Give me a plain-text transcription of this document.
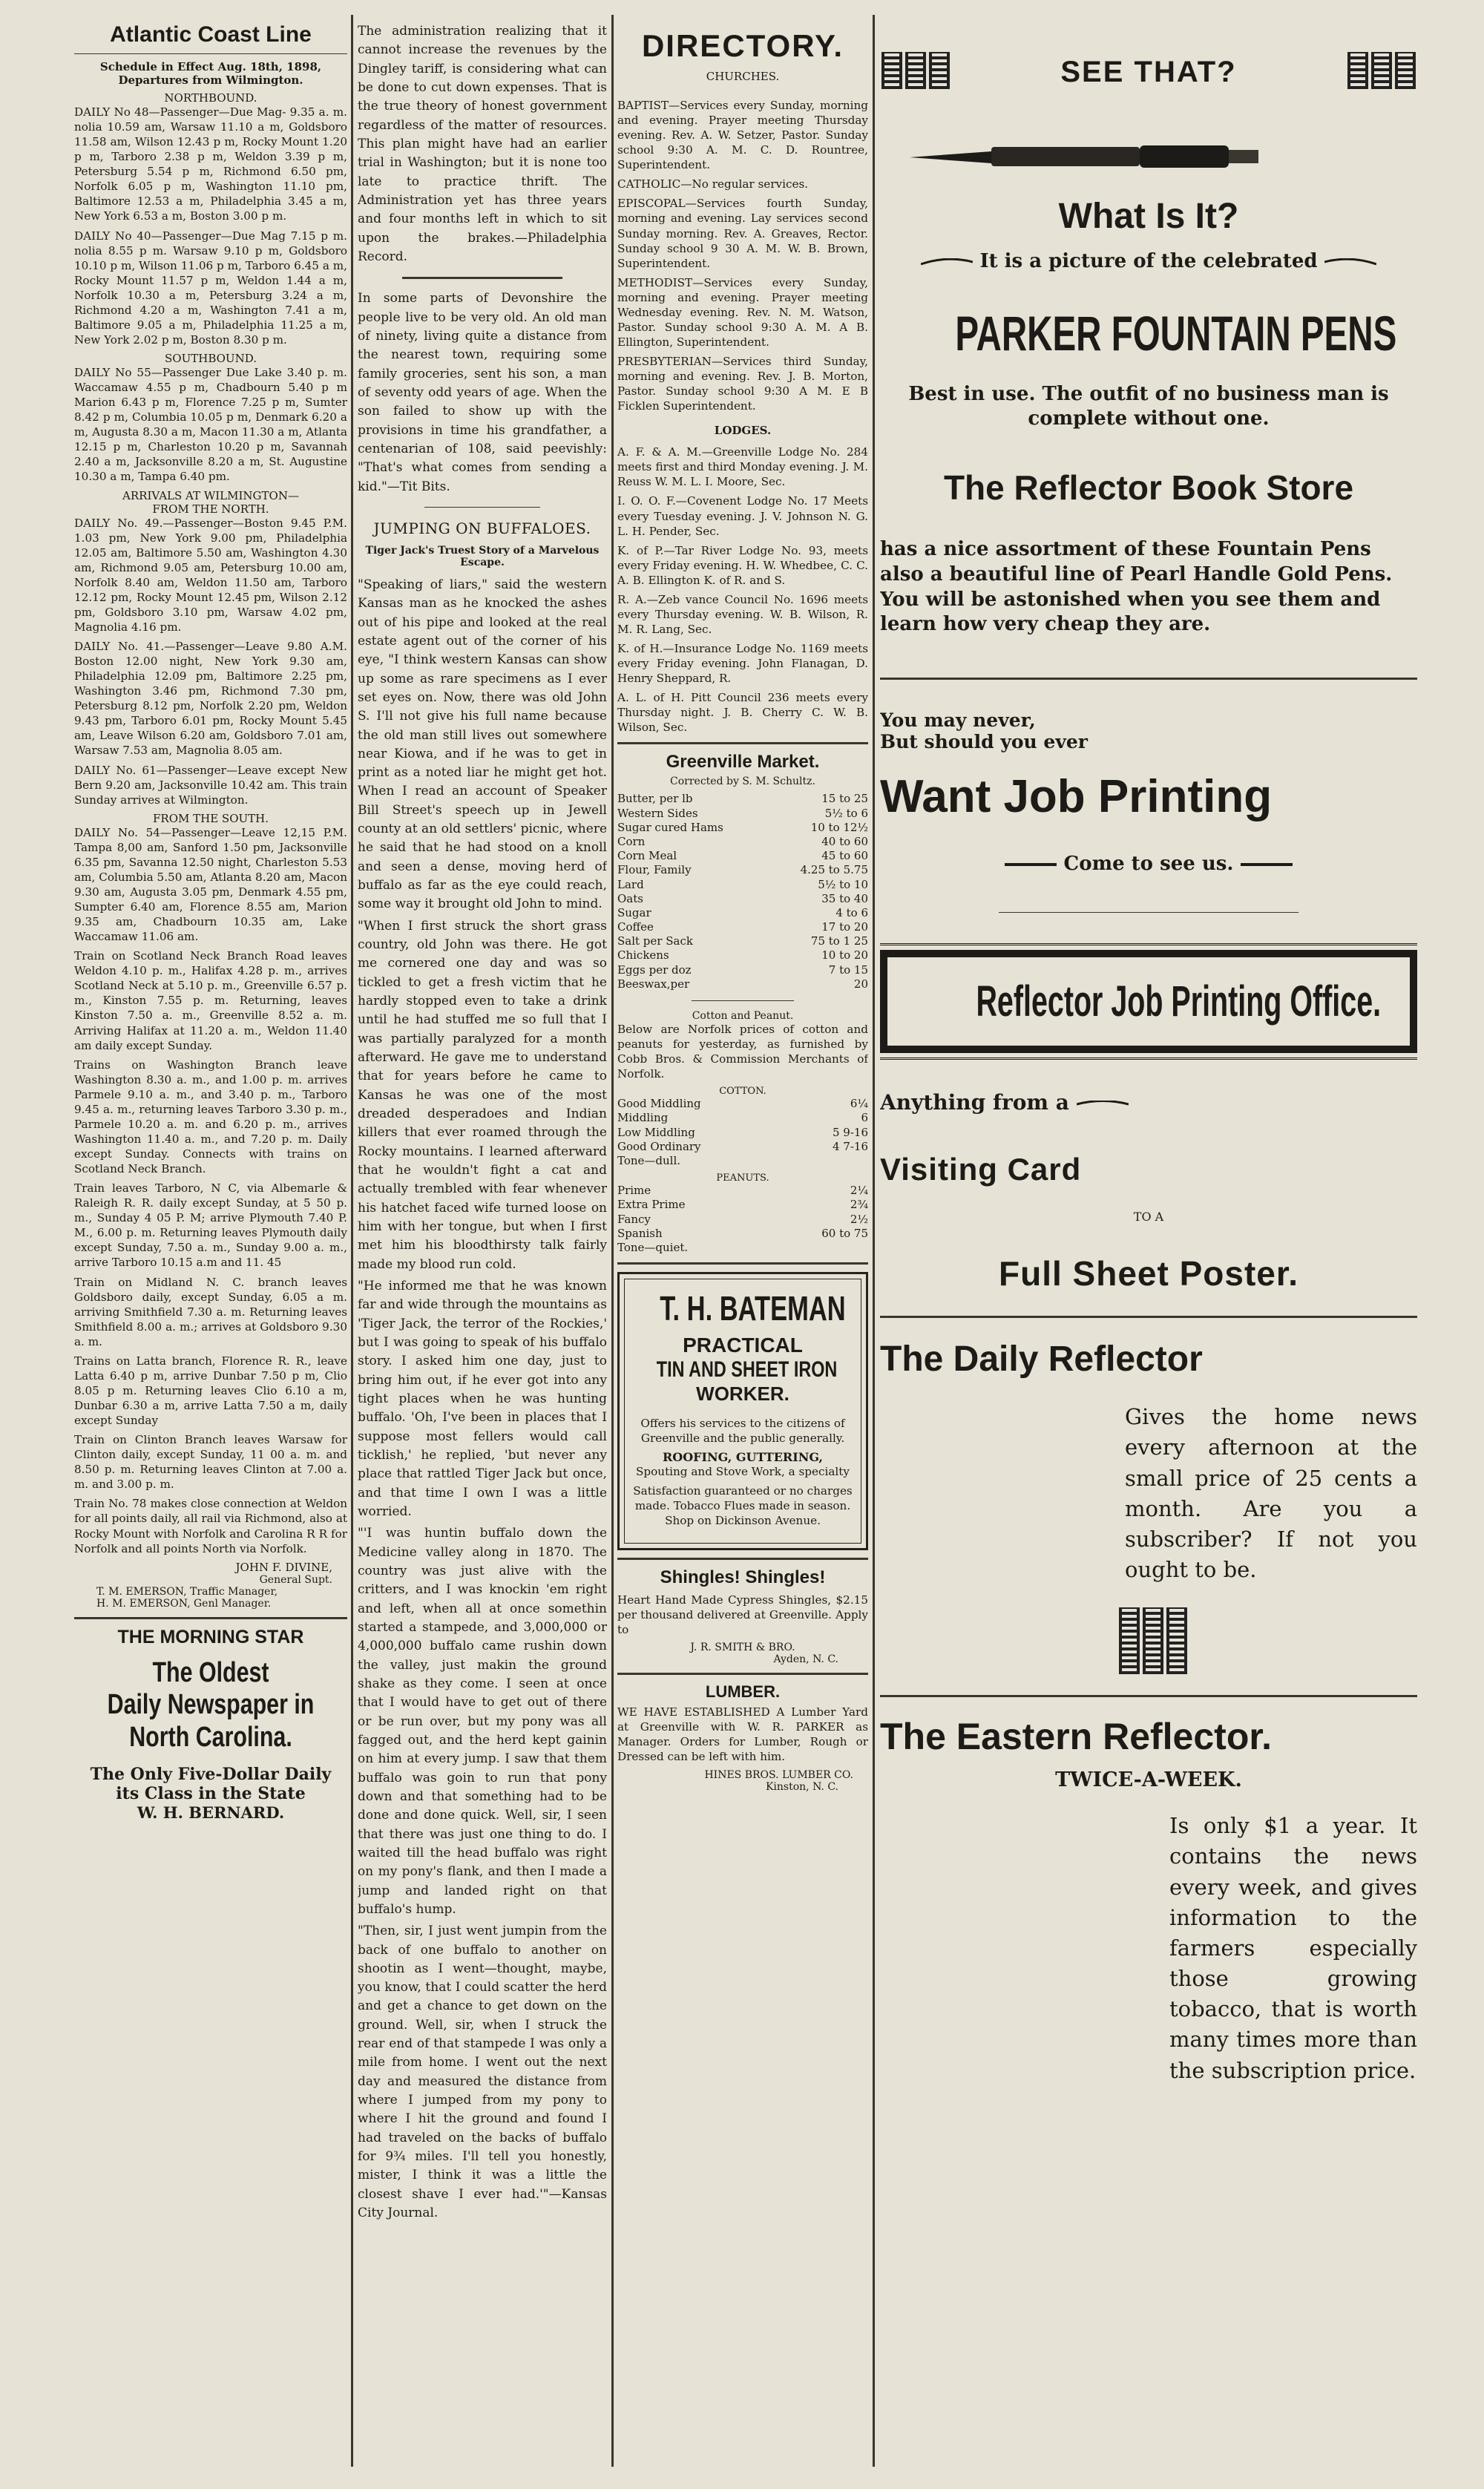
Atlantic Coast Line
Schedule in Effect Aug. 18th, 1898,
Departures from Wilmington.
NORTHBOUND.

DAILY No 48—Passenger—Due Mag- 9.35 a. m. nolia 10.59 am, Warsaw 11.10 a m, Goldsboro 11.58 am, Wilson 12.43 p m, Rocky Mount 1.20 p m, Tarboro 2.38 p m, Weldon 3.39 p m, Petersburg 5.54 p m, Richmond 6.50 pm, Norfolk 6.05 p m, Washington 11.10 pm, Baltimore 12.53 a m, Philadelphia 3.45 a m, New York 6.53 a m, Boston 3.00 p m.

DAILY No 40—Passenger—Due Mag 7.15 p m. nolia 8.55 p m. Warsaw 9.10 p m, Goldsboro 10.10 p m, Wilson 11.06 p m, Tarboro 6.45 a m, Rocky Mount 11.57 p m, Weldon 1.44 a m, Norfolk 10.30 a m, Petersburg 3.24 a m, Richmond 4.20 a m, Washington 7.41 a m, Baltimore 9.05 a m, Philadelphia 11.25 a m, New York 2.02 p m, Boston 8.30 p m.

SOUTHBOUND.

DAILY No 55—Passenger Due Lake 3.40 p. m. Waccamaw 4.55 p m, Chadbourn 5.40 p m Marion 6.43 p m, Florence 7.25 p m, Sumter 8.42 p m, Columbia 10.05 p m, Denmark 6.20 a m, Augusta 8.30 a m, Macon 11.30 a m, Atlanta 12.15 p m, Charleston 10.20 p m, Savannah 2.40 a m, Jacksonville 8.20 a m, St. Augustine 10.30 a m, Tampa 6.40 pm.

ARRIVALS AT WILMINGTON—
FROM THE NORTH.

DAILY No. 49.—Passenger—Boston 9.45 P.M. 1.03 pm, New York 9.00 pm, Philadelphia 12.05 am, Baltimore 5.50 am, Washington 4.30 am, Richmond 9.05 am, Petersburg 10.00 am, Norfolk 8.40 am, Weldon 11.50 am, Tarboro 12.12 pm, Rocky Mount 12.45 pm, Wilson 2.12 pm, Goldsboro 3.10 pm, Warsaw 4.02 pm, Magnolia 4.16 pm.

DAILY No. 41.—Passenger—Leave 9.80 A.M. Boston 12.00 night, New York 9.30 am, Philadelphia 12.09 pm, Baltimore 2.25 pm, Washington 3.46 pm, Richmond 7.30 pm, Petersburg 8.12 pm, Norfolk 2.20 pm, Weldon 9.43 pm, Tarboro 6.01 pm, Rocky Mount 5.45 am, Leave Wilson 6.20 am, Goldsboro 7.01 am, Warsaw 7.53 am, Magnolia 8.05 am.

DAILY No. 61—Passenger—Leave except New Bern 9.20 am, Jacksonville 10.42 am. This train Sunday arrives at Wilmington.

FROM THE SOUTH.

DAILY No. 54—Passenger—Leave 12,15 P.M. Tampa 8,00 am, Sanford 1.50 pm, Jacksonville 6.35 pm, Savanna 12.50 night, Charleston 5.53 am, Columbia 5.50 am, Atlanta 8.20 am, Macon 9.30 am, Augusta 3.05 pm, Denmark 4.55 pm, Sumpter 6.40 am, Florence 8.55 am, Marion 9.35 am, Chadbourn 10.35 am, Lake Waccamaw 11.06 am.

Train on Scotland Neck Branch Road leaves Weldon 4.10 p. m., Halifax 4.28 p. m., arrives Scotland Neck at 5.10 p. m., Greenville 6.57 p. m., Kinston 7.55 p. m. Returning, leaves Kinston 7.50 a. m., Greenville 8.52 a. m. Arriving Halifax at 11.20 a. m., Weldon 11.40 am daily except Sunday.

Trains on Washington Branch leave Washington 8.30 a. m., and 1.00 p. m. arrives Parmele 9.10 a. m., and 3.40 p. m., Tarboro 9.45 a. m., returning leaves Tarboro 3.30 p. m., Parmele 10.20 a. m. and 6.20 p. m., arrives Washington 11.40 a. m., and 7.20 p. m. Daily except Sunday. Connects with trains on Scotland Neck Branch.

Train leaves Tarboro, N C, via Albemarle & Raleigh R. R. daily except Sunday, at 5 50 p. m., Sunday 4 05 P. M; arrive Plymouth 7.40 P. M., 6.00 p. m. Returning leaves Plymouth daily except Sunday, 7.50 a. m., Sunday 9.00 a. m., arrive Tarboro 10.15 a.m and 11. 45

Train on Midland N. C. branch leaves Goldsboro daily, except Sunday, 6.05 a m. arriving Smithfield 7.30 a. m. Returning leaves Smithfield 8.00 a. m.; arrives at Goldsboro 9.30 a. m.

Trains on Latta branch, Florence R. R., leave Latta 6.40 p m, arrive Dunbar 7.50 p m, Clio 8.05 p m. Returning leaves Clio 6.10 a m, Dunbar 6.30 a m, arrive Latta 7.50 a m, daily except Sunday

Train on Clinton Branch leaves Warsaw for Clinton daily, except Sunday, 11 00 a. m. and 8.50 p. m. Returning leaves Clinton at 7.00 a. m. and 3.00 p. m.

Train No. 78 makes close connection at Weldon for all points daily, all rail via Richmond, also at Rocky Mount with Norfolk and Carolina R R for Norfolk and all points North via Norfolk.

JOHN F. DIVINE,
General Supt.
T. M. EMERSON, Traffic Manager,
H. M. EMERSON, Genl Manager.
THE MORNING STAR
The Oldest
Daily Newspaper in
North Carolina.
The Only Five-Dollar Daily
its Class in the State
W. H. BERNARD.

The administration realizing that it cannot increase the revenues by the Dingley tariff, is considering what can be done to cut down expenses. That is the true theory of honest government regardless of the matter of resources. This plan might have had an earlier trial in Washington; but it is none too late to practice thrift. The Administration yet has three years and four months left in which to sit upon the brakes.—Philadelphia Record.

In some parts of Devonshire the people live to be very old. An old man of ninety, living quite a distance from the nearest town, requiring some family groceries, sent his son, a man of seventy odd years of age. When the son failed to show up with the provisions in time his grandfather, a centenarian of 108, said peevishly: "That's what comes from sending a kid."—Tit Bits.

JUMPING ON BUFFALOES.
Tiger Jack's Truest Story of a Marvelous Escape.

"Speaking of liars," said the western Kansas man as he knocked the ashes out of his pipe and looked at the real estate agent out of the corner of his eye, "I think western Kansas can show up some as rare specimens as I ever set eyes on. Now, there was old John S. I'll not give his full name because the old man still lives out somewhere near Kiowa, and if he was to get in print as a noted liar he might get hot. When I read an account of Speaker Bill Street's speech up in Jewell county at an old settlers' picnic, where he said that he had stood on a knoll and seen a dense, moving herd of buffalo as far as the eye could reach, some way it brought old John to mind.

"When I first struck the short grass country, old John was there. He got me cornered one day and was so tickled to get a fresh victim that he hardly stopped even to take a drink until he had stuffed me so full that I was partially paralyzed for a month afterward. He gave me to understand that for years before he came to Kansas he was one of the most dreaded desperadoes and Indian killers that ever roamed through the Rocky mountains. I learned afterward that he wouldn't fight a cat and actually trembled with fear whenever his hatchet faced wife turned loose on him with her tongue, but when I first met him his bloodthirsty talk fairly made my blood run cold.

"He informed me that he was known far and wide through the mountains as 'Tiger Jack, the terror of the Rockies,' but I was going to speak of his buffalo story. I asked him one day, just to bring him out, if he ever got into any tight places when he was hunting buffalo. 'Oh, I've been in places that I suppose most fellers would call ticklish,' he replied, 'but never any place that rattled Tiger Jack but once, and that time I own I was a little worried.

"'I was huntin buffalo down the Medicine valley along in 1870. The country was just alive with the critters, and I was knockin 'em right and left, when all at once somethin started a stampede, and 3,000,000 or 4,000,000 buffalo came rushin down the valley, just makin the ground shake as they come. I seen at once that I would have to get out of there or be run over, but my pony was all fagged out, and the herd kept gainin on him at every jump. I saw that them buffalo was goin to run that pony down and that something had to be done and done quick. Well, sir, I seen that there was just one thing to do. I waited till the head buffalo was right on my pony's flank, and then I made a jump and landed right on that buffalo's hump.

"Then, sir, I just went jumpin from the back of one buffalo to another on shootin as I went—thought, maybe, you know, that I could scatter the herd and get a chance to get down on the ground. Well, sir, when I struck the rear end of that stampede I was only a mile from home. I went out the next day and measured the distance from where I jumped from my pony to where I hit the ground and found I had traveled on the backs of buffalo for 9¾ miles. I'll tell you honestly, mister, I think it was a little the closest shave I ever had.'"—Kansas City Journal.

DIRECTORY.
CHURCHES.

BAPTIST—Services every Sunday, morning and evening. Prayer meeting Thursday evening. Rev. A. W. Setzer, Pastor. Sunday school 9:30 A. M. C. D. Rountree, Superintendent.

CATHOLIC—No regular services.

EPISCOPAL—Services fourth Sunday, morning and evening. Lay services second Sunday morning. Rev. A. Greaves, Rector. Sunday school 9 30 A. M. W. B. Brown, Superintendent.

METHODIST—Services every Sunday, morning and evening. Prayer meeting Wednesday evening. Rev. N. M. Watson, Pastor. Sunday school 9:30 A. M. A B. Ellington, Superintendent.

PRESBYTERIAN—Services third Sunday, morning and evening. Rev. J. B. Morton, Pastor. Sunday school 9:30 A M. E B Ficklen Superintendent.

LODGES.

A. F. & A. M.—Greenville Lodge No. 284 meets first and third Monday evening. J. M. Reuss W. M. L. I. Moore, Sec.

I. O. O. F.—Covenent Lodge No. 17 Meets every Tuesday evening. J. V. Johnson N. G. L. H. Pender, Sec.

K. of P.—Tar River Lodge No. 93, meets every Friday evening. H. W. Whedbee, C. C. A. B. Ellington K. of R. and S.

R. A.—Zeb vance Council No. 1696 meets every Thursday evening. W. B. Wilson, R. M. R. Lang, Sec.

K. of H.—Insurance Lodge No. 1169 meets every Friday evening. John Flanagan, D. Henry Sheppard, R.

A. L. of H. Pitt Council 236 meets every Thursday night. J. B. Cherry C. W. B. Wilson, Sec.

Greenville Market.
Corrected by S. M. Schultz.
Butter, per lb	15 to 25
Western Sides	5½ to 6
Sugar cured Hams	10 to 12½
Corn	40 to 60
Corn Meal	45 to 60
Flour, Family	4.25 to 5.75
Lard	5½ to 10
Oats	35 to 40
Sugar	4 to 6
Coffee	17 to 20
Salt per Sack	75 to 1 25
Chickens	10 to 20
Eggs per doz	7 to 15
Beeswax,per	20
Cotton and Peanut.

Below are Norfolk prices of cotton and peanuts for yesterday, as furnished by Cobb Bros. & Commission Merchants of Norfolk.

COTTON.
Good Middling	6¼
Middling	6
Low Middling	5 9-16
Good Ordinary	4 7-16
Tone—dull.	
PEANUTS.
Prime	2¼
Extra Prime	2¾
Fancy	2½
Spanish	60 to 75
Tone—quiet.	
T. H. BATEMAN
PRACTICAL
TIN AND SHEET IRON
WORKER.

Offers his services to the citizens of Greenville and the public generally.

ROOFING, GUTTERING,

Spouting and Stove Work, a specialty

Satisfaction guaranteed or no charges made. Tobacco Flues made in season. Shop on Dickinson Avenue.

Shingles! Shingles!

Heart Hand Made Cypress Shingles, $2.15 per thousand delivered at Greenville. Apply to

J. R. SMITH & BRO.
Ayden, N. C.
LUMBER.

WE HAVE ESTABLISHED A Lumber Yard at Greenville with W. R. PARKER as Manager. Orders for Lumber, Rough or Dressed can be left with him.

HINES BROS. LUMBER CO.
Kinston, N. C.
SEE THAT?
What Is It?
It is a picture of the celebrated
PARKER FOUNTAIN PENS
Best in use. The outfit of no business man is complete without one.
The Reflector Book Store

has a nice assortment of these Fountain Pens also a beautiful line of Pearl Handle Gold Pens. You will be astonished when you see them and learn how very cheap they are.

You may never,
But should you ever
Want Job Printing
Come to see us.
Reflector Job Printing Office.
Anything from a
Visiting Card
TO A
Full Sheet Poster.
The Daily Reflector

Gives the home news every afternoon at the small price of 25 cents a month. Are you a subscriber? If not you ought to be.

The Eastern Reflector.
TWICE-A-WEEK.

Is only $1 a year. It contains the news every week, and gives information to the farmers especially those growing tobacco, that is worth many times more than the subscription price.
